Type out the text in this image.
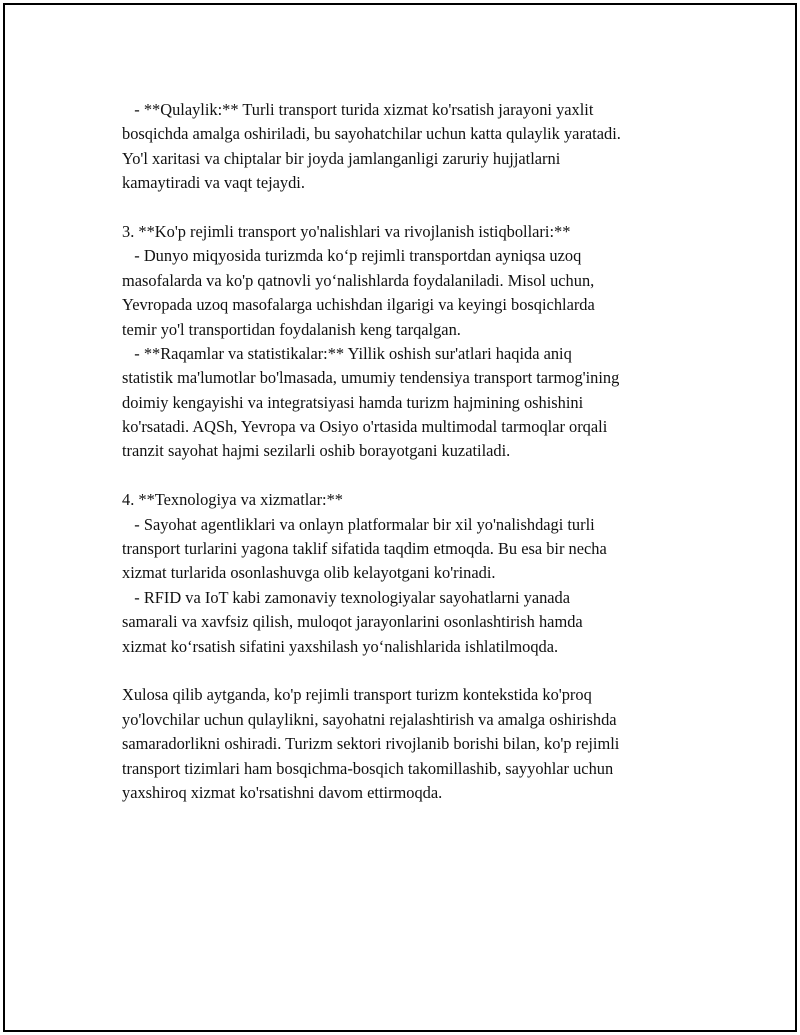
- **Qulaylik:** Turli transport turida xizmat ko'rsatish jarayoni yaxlit
bosqichda amalga oshiriladi, bu sayohatchilar uchun katta qulaylik yaratadi.
Yo'l xaritasi va chiptalar bir joyda jamlanganligi zaruriy hujjatlarni
kamaytiradi va vaqt tejaydi.
3. **Ko'p rejimli transport yo'nalishlari va rivojlanish istiqbollari:**
- Dunyo miqyosida turizmda ko‘p rejimli transportdan ayniqsa uzoq
masofalarda va ko'p qatnovli yo‘nalishlarda foydalaniladi. Misol uchun,
Yevropada uzoq masofalarga uchishdan ilgarigi va keyingi bosqichlarda
temir yo'l transportidan foydalanish keng tarqalgan.
- **Raqamlar va statistikalar:** Yillik oshish sur'atlari haqida aniq
statistik ma'lumotlar bo'lmasada, umumiy tendensiya transport tarmog'ining
doimiy kengayishi va integratsiyasi hamda turizm hajmining oshishini
ko'rsatadi. AQSh, Yevropa va Osiyo o'rtasida multimodal tarmoqlar orqali
tranzit sayohat hajmi sezilarli oshib borayotgani kuzatiladi.
4. **Texnologiya va xizmatlar:**
- Sayohat agentliklari va onlayn platformalar bir xil yo'nalishdagi turli
transport turlarini yagona taklif sifatida taqdim etmoqda. Bu esa bir necha
xizmat turlarida osonlashuvga olib kelayotgani ko'rinadi.
- RFID va IoT kabi zamonaviy texnologiyalar sayohatlarni yanada
samarali va xavfsiz qilish, muloqot jarayonlarini osonlashtirish hamda
xizmat ko‘rsatish sifatini yaxshilash yo‘nalishlarida ishlatilmoqda.
Xulosa qilib aytganda, ko'p rejimli transport turizm kontekstida ko'proq
yo'lovchilar uchun qulaylikni, sayohatni rejalashtirish va amalga oshirishda
samaradorlikni oshiradi. Turizm sektori rivojlanib borishi bilan, ko'p rejimli
transport tizimlari ham bosqichma-bosqich takomillashib, sayyohlar uchun
yaxshiroq xizmat ko'rsatishni davom ettirmoqda.
